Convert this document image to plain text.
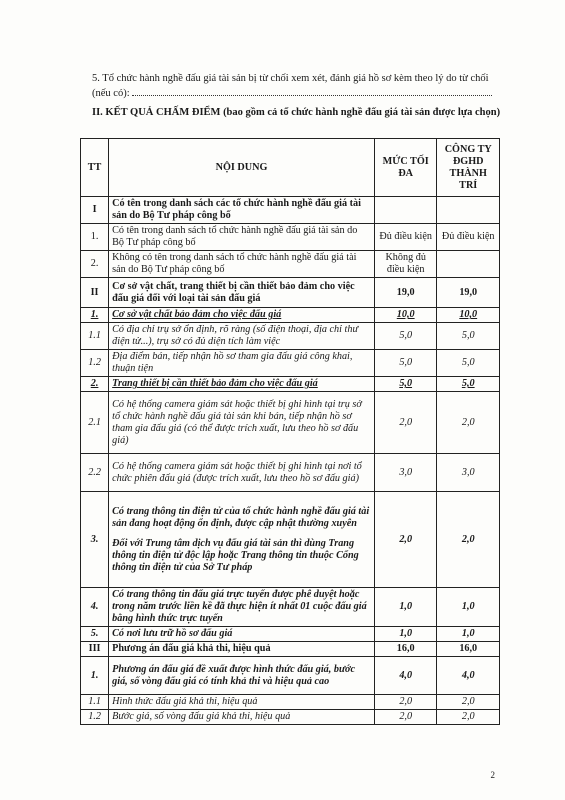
5. Tổ chức hành nghề đấu giá tài sản bị từ chối xem xét, đánh giá hồ sơ kèm theo lý do từ chối (nếu có):
II. KẾT QUẢ CHẤM ĐIỂM (bao gồm cả tổ chức hành nghề đấu giá tài sản được lựa chọn)
TT	NỘI DUNG	MỨC TỐI ĐA	CÔNG TY ĐGHD THÀNH TRÍ
I	Có tên trong danh sách các tổ chức hành nghề đấu giá tài sản do Bộ Tư pháp công bố		
1.	Có tên trong danh sách tổ chức hành nghề đấu giá tài sản do Bộ Tư pháp công bố	Đủ điều kiện	Đủ điều kiện
2.	Không có tên trong danh sách tổ chức hành nghề đấu giá tài sản do Bộ Tư pháp công bố	Không đủ điều kiện	
II	Cơ sở vật chất, trang thiết bị cần thiết bảo đảm cho việc đấu giá đối với loại tài sản đấu giá	19,0	19,0
1.	Cơ sở vật chất bảo đảm cho việc đấu giá	10,0	10,0
1.1	Có địa chỉ trụ sở ổn định, rõ ràng (số điện thoại, địa chỉ thư điện tử...), trụ sở có đủ diện tích làm việc	5,0	5,0
1.2	Địa điểm bán, tiếp nhận hồ sơ tham gia đấu giá công khai, thuận tiện	5,0	5,0
2.	Trang thiết bị cần thiết bảo đảm cho việc đấu giá	5,0	5,0
2.1	Có hệ thống camera giám sát hoặc thiết bị ghi hình tại trụ sở tổ chức hành nghề đấu giá tài sản khi bán, tiếp nhận hồ sơ tham gia đấu giá (có thể được trích xuất, lưu theo hồ sơ đấu giá)	2,0	2,0
2.2	Có hệ thống camera giám sát hoặc thiết bị ghi hình tại nơi tổ chức phiên đấu giá (được trích xuất, lưu theo hồ sơ đấu giá)	3,0	3,0
3.	Có trang thông tin điện tử của tổ chức hành nghề đấu giá tài sản đang hoạt động ổn định, được cập nhật thường xuyên
Đối với Trung tâm dịch vụ đấu giá tài sản thì dùng Trang thông tin điện tử độc lập hoặc Trang thông tin thuộc Cổng thông tin điện tử của Sở Tư pháp	2,0	2,0
4.	Có trang thông tin đấu giá trực tuyến được phê duyệt hoặc trong năm trước liền kề đã thực hiện ít nhất 01 cuộc đấu giá bằng hình thức trực tuyến	1,0	1,0
5.	Có nơi lưu trữ hồ sơ đấu giá	1,0	1,0
III	Phương án đấu giá khả thi, hiệu quả	16,0	16,0
1.	Phương án đấu giá đề xuất được hình thức đấu giá, bước giá, số vòng đấu giá có tính khả thi và hiệu quả cao	4,0	4,0
1.1	Hình thức đấu giá khả thi, hiệu quả	2,0	2,0
1.2	Bước giá, số vòng đấu giá khả thi, hiệu quả	2,0	2,0
2
